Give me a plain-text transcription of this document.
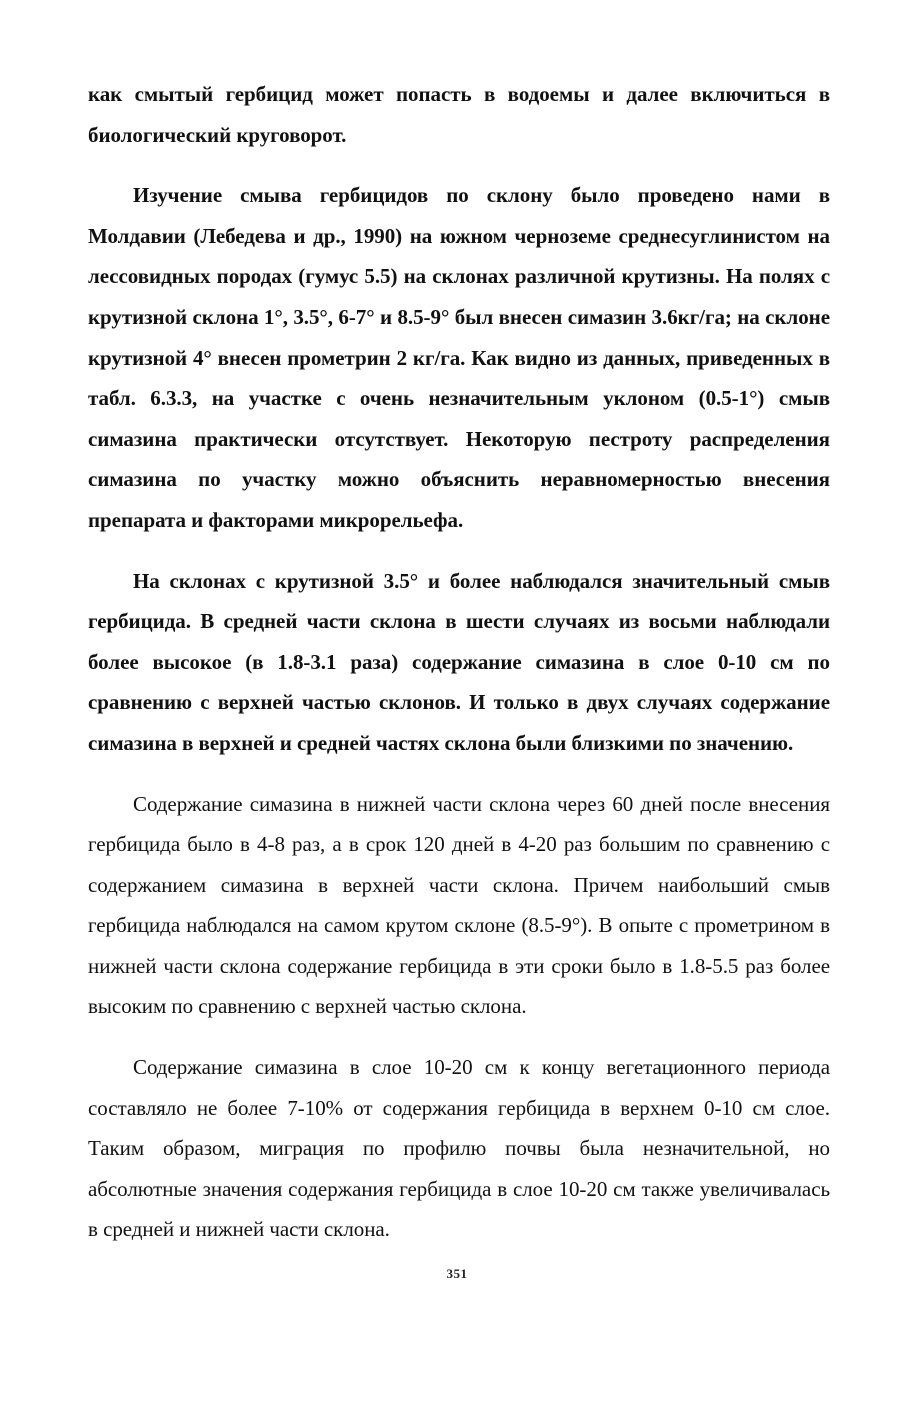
как смытый гербицид может попасть в водоемы и далее включиться в биологический круговорот.

Изучение смыва гербицидов по склону было проведено нами в Молдавии (Лебедева и др., 1990) на южном черноземе среднесуглинистом на лессовидных породах (гумус 5.5) на склонах различной крутизны. На полях с крутизной склона 1°, 3.5°, 6-7° и 8.5-9° был внесен симазин 3.6кг/га; на склоне крутизной 4° внесен прометрин 2 кг/га. Как видно из данных, приведенных в табл. 6.3.3, на участке с очень незначительным уклоном (0.5-1°) смыв симазина практически отсутствует. Некоторую пестроту распределения симазина по участку можно объяснить неравномерностью внесения препарата и факторами микрорельефа.

На склонах с крутизной 3.5° и более наблюдался значительный смыв гербицида. В средней части склона в шести случаях из восьми наблюдали более высокое (в 1.8-3.1 раза) содержание симазина в слое 0-10 см по сравнению с верхней частью склонов. И только в двух случаях содержание симазина в верхней и средней частях склона были близкими по значению.

Содержание симазина в нижней части склона через 60 дней после внесения гербицида было в 4-8 раз, а в срок 120 дней в 4-20 раз большим по сравнению с содержанием симазина в верхней части склона. Причем наибольший смыв гербицида наблюдался на самом крутом склоне (8.5-9°). В опыте с прометрином в нижней части склона содержание гербицида в эти сроки было в 1.8-5.5 раз более высоким по сравнению с верхней частью склона.

Содержание симазина в слое 10-20 см к концу вегетационного периода составляло не более 7-10% от содержания гербицида в верхнем 0-10 см слое. Таким образом, миграция по профилю почвы была незначительной, но абсолютные значения содержания гербицида в слое 10-20 см также увеличивалась в средней и нижней части склона.

351
